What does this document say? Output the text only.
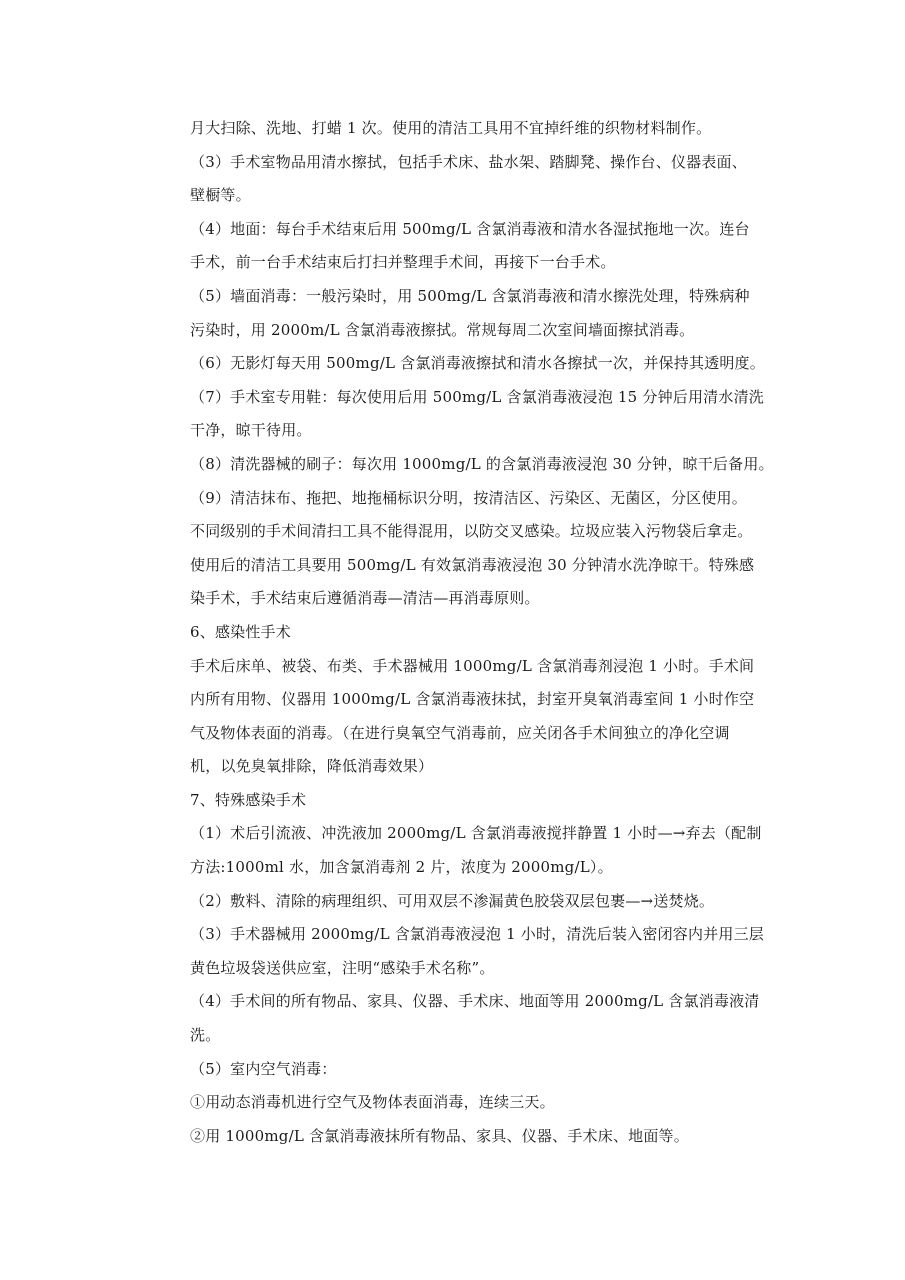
月大扫除、洗地、打蜡 1 次。使用的清洁工具用不宜掉纤维的织物材料制作。
（3）手术室物品用清水擦拭，包括手术床、盐水架、踏脚凳、操作台、仪器表面、
壁橱等。
（4）地面：每台手术结束后用 500mg/L 含氯消毒液和清水各湿拭拖地一次。连台
手术，前一台手术结束后打扫并整理手术间，再接下一台手术。
（5）墙面消毒：一般污染时，用 500mg/L 含氯消毒液和清水擦洗处理，特殊病种
污染时，用 2000m/L 含氯消毒液擦拭。常规每周二次室间墙面擦拭消毒。
（6）无影灯每天用 500mg/L 含氯消毒液擦拭和清水各擦拭一次，并保持其透明度。
（7）手术室专用鞋：每次使用后用 500mg/L 含氯消毒液浸泡 15 分钟后用清水清洗
干净，晾干待用。
（8）清洗器械的刷子：每次用 1000mg/L 的含氯消毒液浸泡 30 分钟，晾干后备用。
（9）清洁抹布、拖把、地拖桶标识分明，按清洁区、污染区、无菌区，分区使用。
不同级别的手术间清扫工具不能得混用，以防交叉感染。垃圾应装入污物袋后拿走。
使用后的清洁工具要用 500mg/L 有效氯消毒液浸泡 30 分钟清水洗净晾干。特殊感
染手术，手术结束后遵循消毒—清洁—再消毒原则。
6、感染性手术
手术后床单、被袋、布类、手术器械用 1000mg/L 含氯消毒剂浸泡 1 小时。手术间
内所有用物、仪器用 1000mg/L 含氯消毒液抹拭，封室开臭氧消毒室间 1 小时作空
气及物体表面的消毒。（在进行臭氧空气消毒前，应关闭各手术间独立的净化空调
机，以免臭氧排除，降低消毒效果）
7、特殊感染手术
（1）术后引流液、冲洗液加 2000mg/L 含氯消毒液搅拌静置 1 小时—→弃去（配制
方法:1000ml 水，加含氯消毒剂 2 片，浓度为 2000mg/L）。
（2）敷料、清除的病理组织、可用双层不渗漏黄色胶袋双层包裹—→送焚烧。
（3）手术器械用 2000mg/L 含氯消毒液浸泡 1 小时，清洗后装入密闭容内并用三层
黄色垃圾袋送供应室，注明“感染手术名称”。
（4）手术间的所有物品、家具、仪器、手术床、地面等用 2000mg/L 含氯消毒液清
洗。
（5）室内空气消毒：
①用动态消毒机进行空气及物体表面消毒，连续三天。
②用 1000mg/L 含氯消毒液抹所有物品、家具、仪器、手术床、地面等。
